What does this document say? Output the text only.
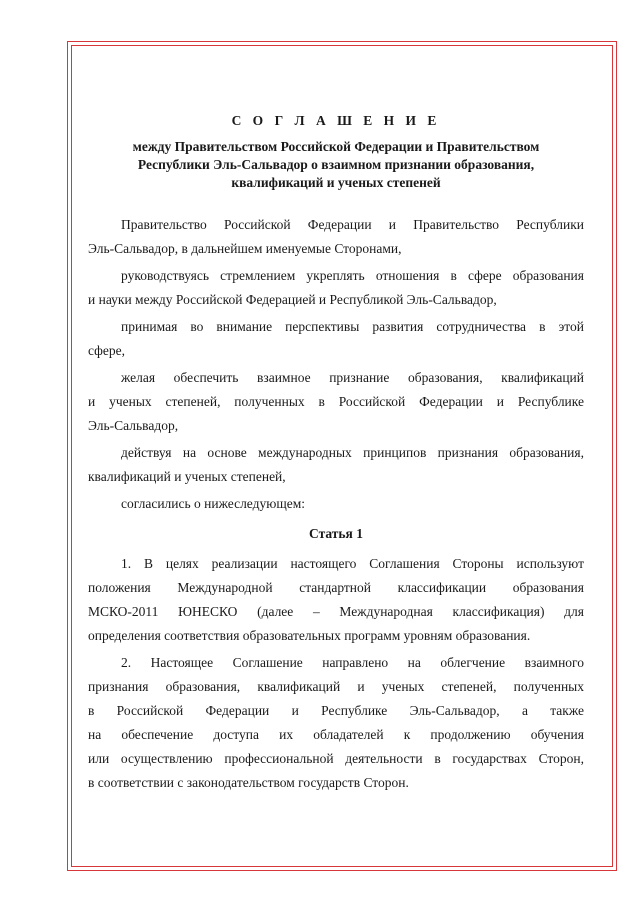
С О Г Л А Ш Е Н И Е
между Правительством Российской Федерации и Правительством
Республики Эль-Сальвадор о взаимном признании образования,
квалификаций и ученых степеней
Правительство Российской Федерации и Правительство Республики
Эль-Сальвадор, в дальнейшем именуемые Сторонами,
руководствуясь стремлением укреплять отношения в сфере образования
и науки между Российской Федерацией и Республикой Эль-Сальвадор,
принимая во внимание перспективы развития сотрудничества в этой
сфере,
желая обеспечить взаимное признание образования, квалификаций
и ученых степеней, полученных в Российской Федерации и Республике
Эль-Сальвадор,
действуя на основе международных принципов признания образования,
квалификаций и ученых степеней,
согласились о нижеследующем:
Статья 1
1. В целях реализации настоящего Соглашения Стороны используют
положения Международной стандартной классификации образования
МСКО-2011 ЮНЕСКО (далее – Международная классификация) для
определения соответствия образовательных программ уровням образования.
2. Настоящее Соглашение направлено на облегчение взаимного
признания образования, квалификаций и ученых степеней, полученных
в Российской Федерации и Республике Эль-Сальвадор, а также
на обеспечение доступа их обладателей к продолжению обучения
или осуществлению профессиональной деятельности в государствах Сторон,
в соответствии с законодательством государств Сторон.
